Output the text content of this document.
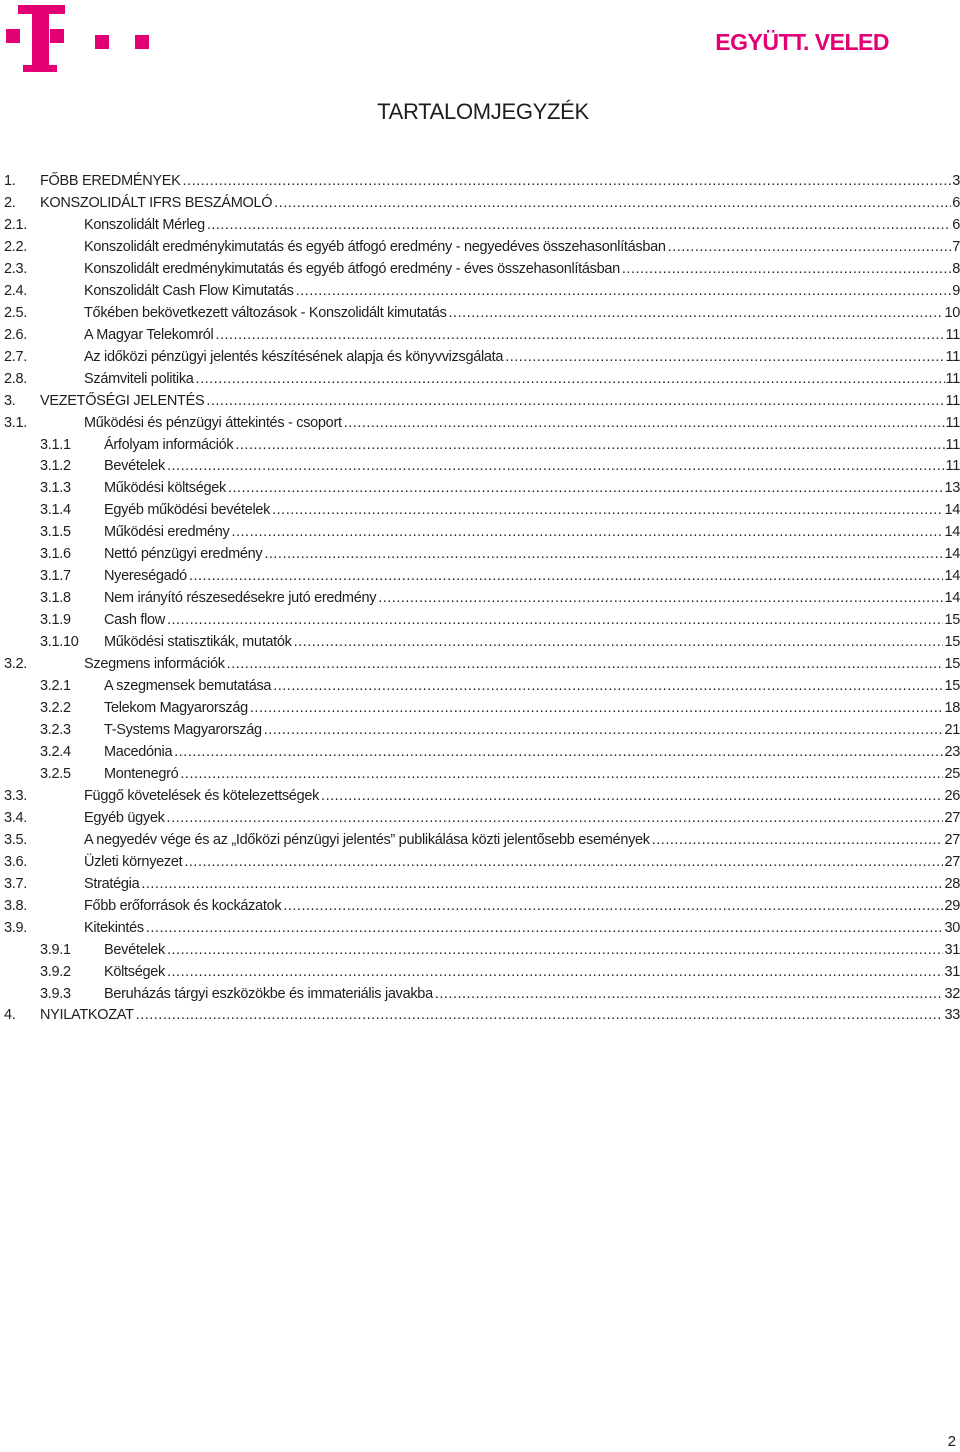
EGYÜTT. VELED
TARTALOMJEGYZÉK
1. FŐBB EREDMÉNYEK .....	3
2. KONSZOLIDÁLT IFRS BESZÁMOLÓ .....	6
2.1.	Konszolidált Mérleg .....	6
2.2.	Konszolidált eredménykimutatás és egyéb átfogó eredmény - negyedéves összehasonlításban .....	7
2.3.	Konszolidált eredménykimutatás és egyéb átfogó eredmény - éves összehasonlításban .....	8
2.4.	Konszolidált Cash Flow Kimutatás .....	9
2.5.	Tőkében bekövetkezett változások - Konszolidált kimutatás .....	10
2.6.	A Magyar Telekomról .....	11
2.7.	Az időközi pénzügyi jelentés készítésének alapja és könyvvizsgálata .....	11
2.8.	Számviteli politika .....	11
3. VEZETŐSÉGI JELENTÉS .....	11
3.1.	Működési és pénzügyi áttekintés - csoport .....	11
3.1.1 Árfolyam információk .....	11
3.1.2 Bevételek .....	11
3.1.3 Működési költségek .....	13
3.1.4 Egyéb működési bevételek .....	14
3.1.5 Működési eredmény .....	14
3.1.6 Nettó pénzügyi eredmény .....	14
3.1.7 Nyereségadó .....	14
3.1.8 Nem irányító részesedésekre jutó eredmény .....	14
3.1.9 Cash flow .....	15
3.1.10 Működési statisztikák, mutatók .....	15
3.2.	Szegmens információk .....	15
3.2.1 A szegmensek bemutatása .....	15
3.2.2 Telekom Magyarország .....	18
3.2.3 T-Systems Magyarország .....	21
3.2.4 Macedónia .....	23
3.2.5 Montenegró .....	25
3.3.	Függő követelések és kötelezettségek .....	26
3.4.	Egyéb ügyek .....	27
3.5.	A negyedév vége és az „Időközi pénzügyi jelentés” publikálása közti jelentősebb események .....	27
3.6.	Üzleti környezet .....	27
3.7.	Stratégia .....	28
3.8.	Főbb erőforrások és kockázatok .....	29
3.9.	Kitekintés .....	30
3.9.1 Bevételek .....	31
3.9.2 Költségek .....	31
3.9.3 Beruházás tárgyi eszközökbe és immateriális javakba .....	32
4. NYILATKOZAT .....	33
2
